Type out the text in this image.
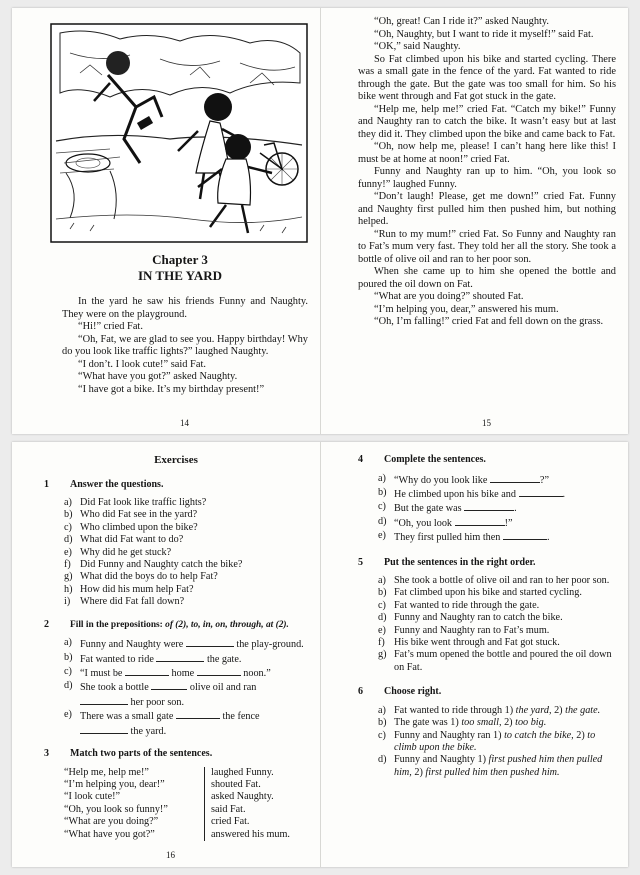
Chapter 3
IN THE YARD

In the yard he saw his friends Funny and Naughty. They were on the playground.

“Hi!” cried Fat.

“Oh, Fat, we are glad to see you. Happy birthday! Why do you look like traffic lights?” laughed Naughty.

“I don’t. I look cute!” said Fat.

“What have you got?” asked Naughty.

“I have got a bike. It’s my birthday present!”

14

“Oh, great! Can I ride it?” asked Naughty.

“Oh, Naughty, but I want to ride it myself!” said Fat.

“OK,” said Naughty.

So Fat climbed upon his bike and started cycling. There was a small gate in the fence of the yard. Fat wanted to ride through the gate. But the gate was too small for him. So his bike went through and Fat got stuck in the gate.

“Help me, help me!” cried Fat. “Catch my bike!” Funny and Naughty ran to catch the bike. It wasn’t easy but at last they did it. They climbed upon the bike and came back to Fat.

“Oh, now help me, please! I can’t hang here like this! I must be at home at noon!” cried Fat.

Funny and Naughty ran up to him. “Oh, you look so funny!” laughed Funny.

“Don’t laugh! Please, get me down!” cried Fat. Funny and Naughty first pulled him then pushed him, but nothing helped.

“Run to my mum!” cried Fat. So Funny and Naughty ran to Fat’s mum very fast. They told her all the story. She took a bottle of olive oil and ran to her poor son.

When she came up to him she opened the bottle and poured the oil down on Fat.

“What are you doing?” shouted Fat.

“I’m helping you, dear,” answered his mum.

“Oh, I’m falling!” cried Fat and fell down on the grass.

15
Exercises
1	Answer the questions.
a) Did Fat look like traffic lights?
b) Who did Fat see in the yard?
c) Who climbed upon the bike?
d) What did Fat want to do?
e) Why did he get stuck?
f) Did Funny and Naughty catch the bike?
g) What did the boys do to help Fat?
h) How did his mum help Fat?
i) Where did Fat fall down?
2	Fill in the prepositions: of (2), to, in, on, through, at (2).
a) Funny and Naughty were	the play-ground.
b) Fat wanted to ride	the gate.
c) “I must be	home	noon.”
d) She took a bottle	olive oil and ran
her poor son.
e) There was a small gate	the fence
the yard.
3	Match two parts of the sentences.
“Help me, help me!”
“I’m helping you, dear!”
“I look cute!”
“Oh, you look so funny!”
“What are you doing?”
“What have you got?”
laughed Funny.
shouted Fat.
asked Naughty.
said Fat.
cried Fat.
answered his mum.
16
4	Complete the sentences.
a) “Why do you look like	?”
b) He climbed upon his bike and	.
c) But the gate was	.
d) “Oh, you look	!”
e) They first pulled him then	.
5	Put the sentences in the right order.
a) She took a bottle of olive oil and ran to her poor son.
b) Fat climbed upon his bike and started cycling.
c) Fat wanted to ride through the gate.
d) Funny and Naughty ran to catch the bike.
e) Funny and Naughty ran to Fat’s mum.
f) His bike went through and Fat got stuck.
g) Fat’s mum opened the bottle and poured the oil down on Fat.
6	Choose right.
a) Fat wanted to ride through 1) the yard, 2) the gate.
b) The gate was 1) too small, 2) too big.
c) Funny and Naughty ran 1) to catch the bike, 2) to climb upon the bike.
d) Funny and Naughty 1) first pushed him then pulled him, 2) first pulled him then pushed him.
